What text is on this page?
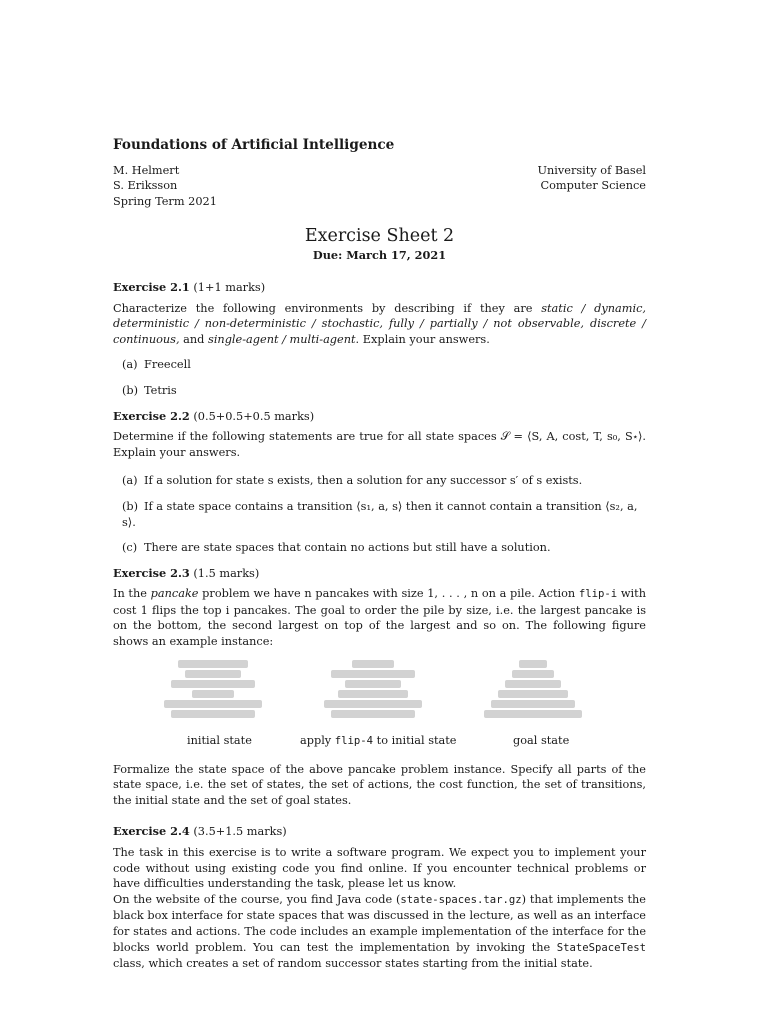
Foundations of Artificial Intelligence
M. Helmert
S. Eriksson
Spring Term 2021
University of Basel
Computer Science
Exercise Sheet 2
Due: March 17, 2021
Exercise 2.1 (1+1 marks)

Characterize the following environments by describing if they are static / dynamic, deterministic / non-deterministic / stochastic, fully / partially / not observable, discrete / continuous, and single-agent / multi-agent. Explain your answers.

(a) Freecell
(b) Tetris
Exercise 2.2 (0.5+0.5+0.5 marks)

Determine if the following statements are true for all state spaces 𝒮 = ⟨S, A, cost, T, s₀, S⋆⟩. Explain your answers.

(a) If a solution for state s exists, then a solution for any successor s′ of s exists.
(b) If a state space contains a transition ⟨s₁, a, s⟩ then it cannot contain a transition ⟨s₂, a, s⟩.
(c) There are state spaces that contain no actions but still have a solution.
Exercise 2.3 (1.5 marks)

In the pancake problem we have n pancakes with size 1, . . . , n on a pile. Action flip-i with cost 1 flips the top i pancakes. The goal to order the pile by size, i.e. the largest pancake is on the bottom, the second largest on top of the largest and so on. The following figure shows an example instance:

initial state	apply flip-4 to initial state	goal state

Formalize the state space of the above pancake problem instance. Specify all parts of the state space, i.e. the set of states, the set of actions, the cost function, the set of transitions, the initial state and the set of goal states.

Exercise 2.4 (3.5+1.5 marks)

The task in this exercise is to write a software program. We expect you to implement your code without using existing code you find online. If you encounter technical problems or have difficulties understanding the task, please let us know.

On the website of the course, you find Java code (state-spaces.tar.gz) that implements the black box interface for state spaces that was discussed in the lecture, as well as an interface for states and actions. The code includes an example implementation of the interface for the blocks world problem. You can test the implementation by invoking the StateSpaceTest class, which creates a set of random successor states starting from the initial state.
